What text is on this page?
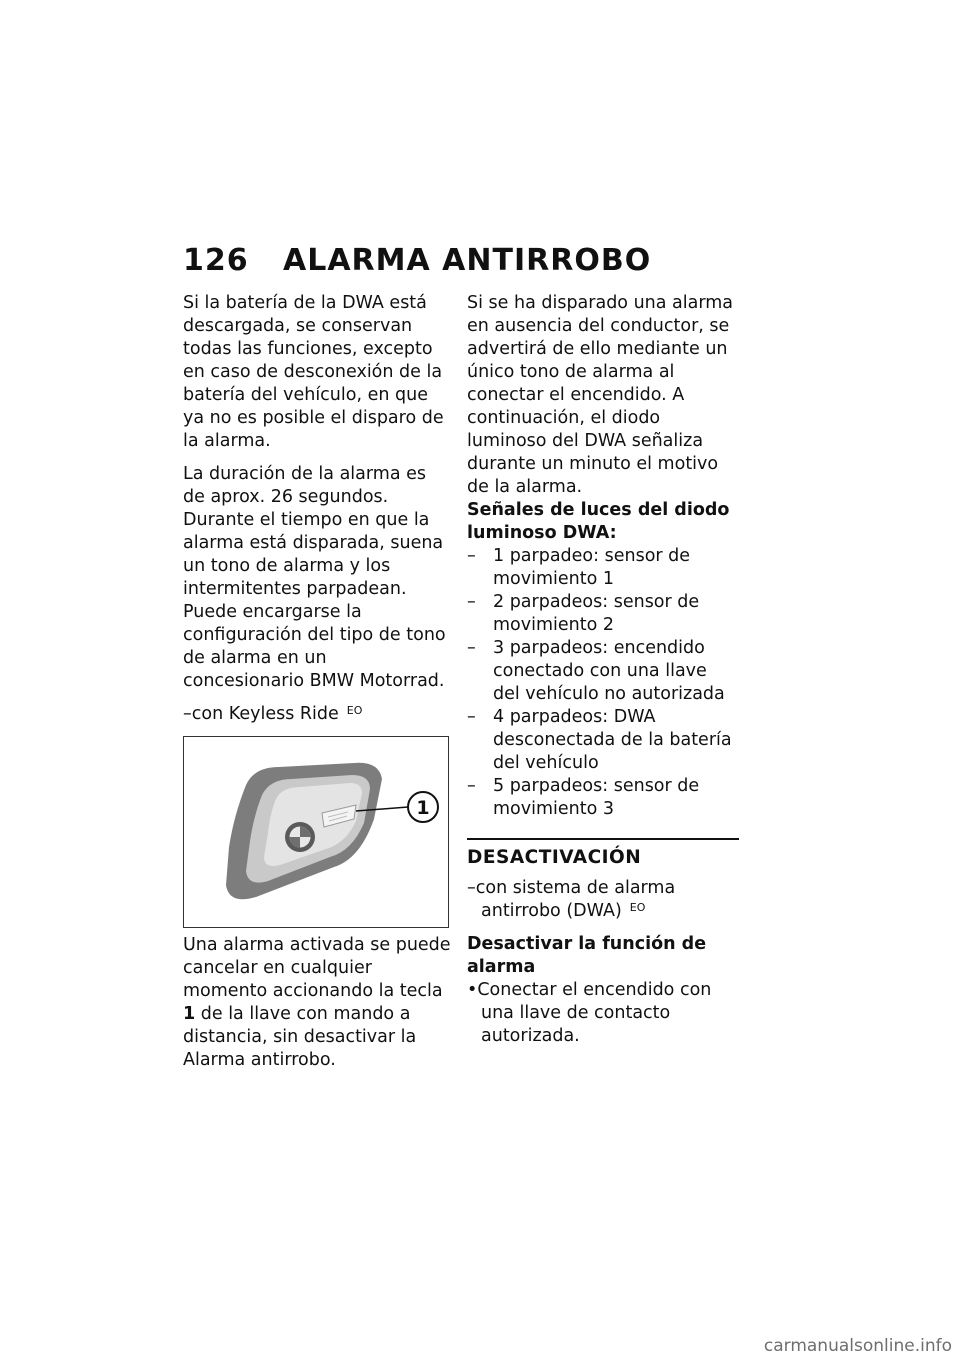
126 ALARMA ANTIRROBO

Si la batería de la DWA está descargada, se conservan todas las funciones, excepto en caso de desconexión de la batería del vehículo, en que ya no es posible el disparo de la alarma.

La duración de la alarma es de aprox. 26 segundos. Durante el tiempo en que la alarma está disparada, suena un tono de alarma y los intermitentes parpadean. Puede encargarse la configuración del tipo de tono de alarma en un concesionario BMW Motorrad.

–con Keyless Ride $^{EO}$
1

Una alarma activada se puede cancelar en cualquier momento accionando la tecla 1 de la llave con mando a distancia, sin desactivar la Alarma antirrobo.

Si se ha disparado una alarma en ausencia del conductor, se advertirá de ello mediante un único tono de alarma al conectar el encendido. A continuación, el diodo luminoso del DWA señaliza durante un minuto el motivo de la alarma.

Señales de luces del diodo luminoso DWA:

– 1 parpadeo: sensor de movimiento 1
– 2 parpadeos: sensor de movimiento 2
– 3 parpadeos: encendido conectado con una llave del vehículo no autorizada
– 4 parpadeos: DWA desconectada de la batería del vehículo
– 5 parpadeos: sensor de movimiento 3

DESACTIVACIÓN

–con sistema de alarma antirrobo (DWA) $^{EO}$

Desactivar la función de alarma

•Conectar el encendido con una llave de contacto autorizada.

carmanualsonline.info
